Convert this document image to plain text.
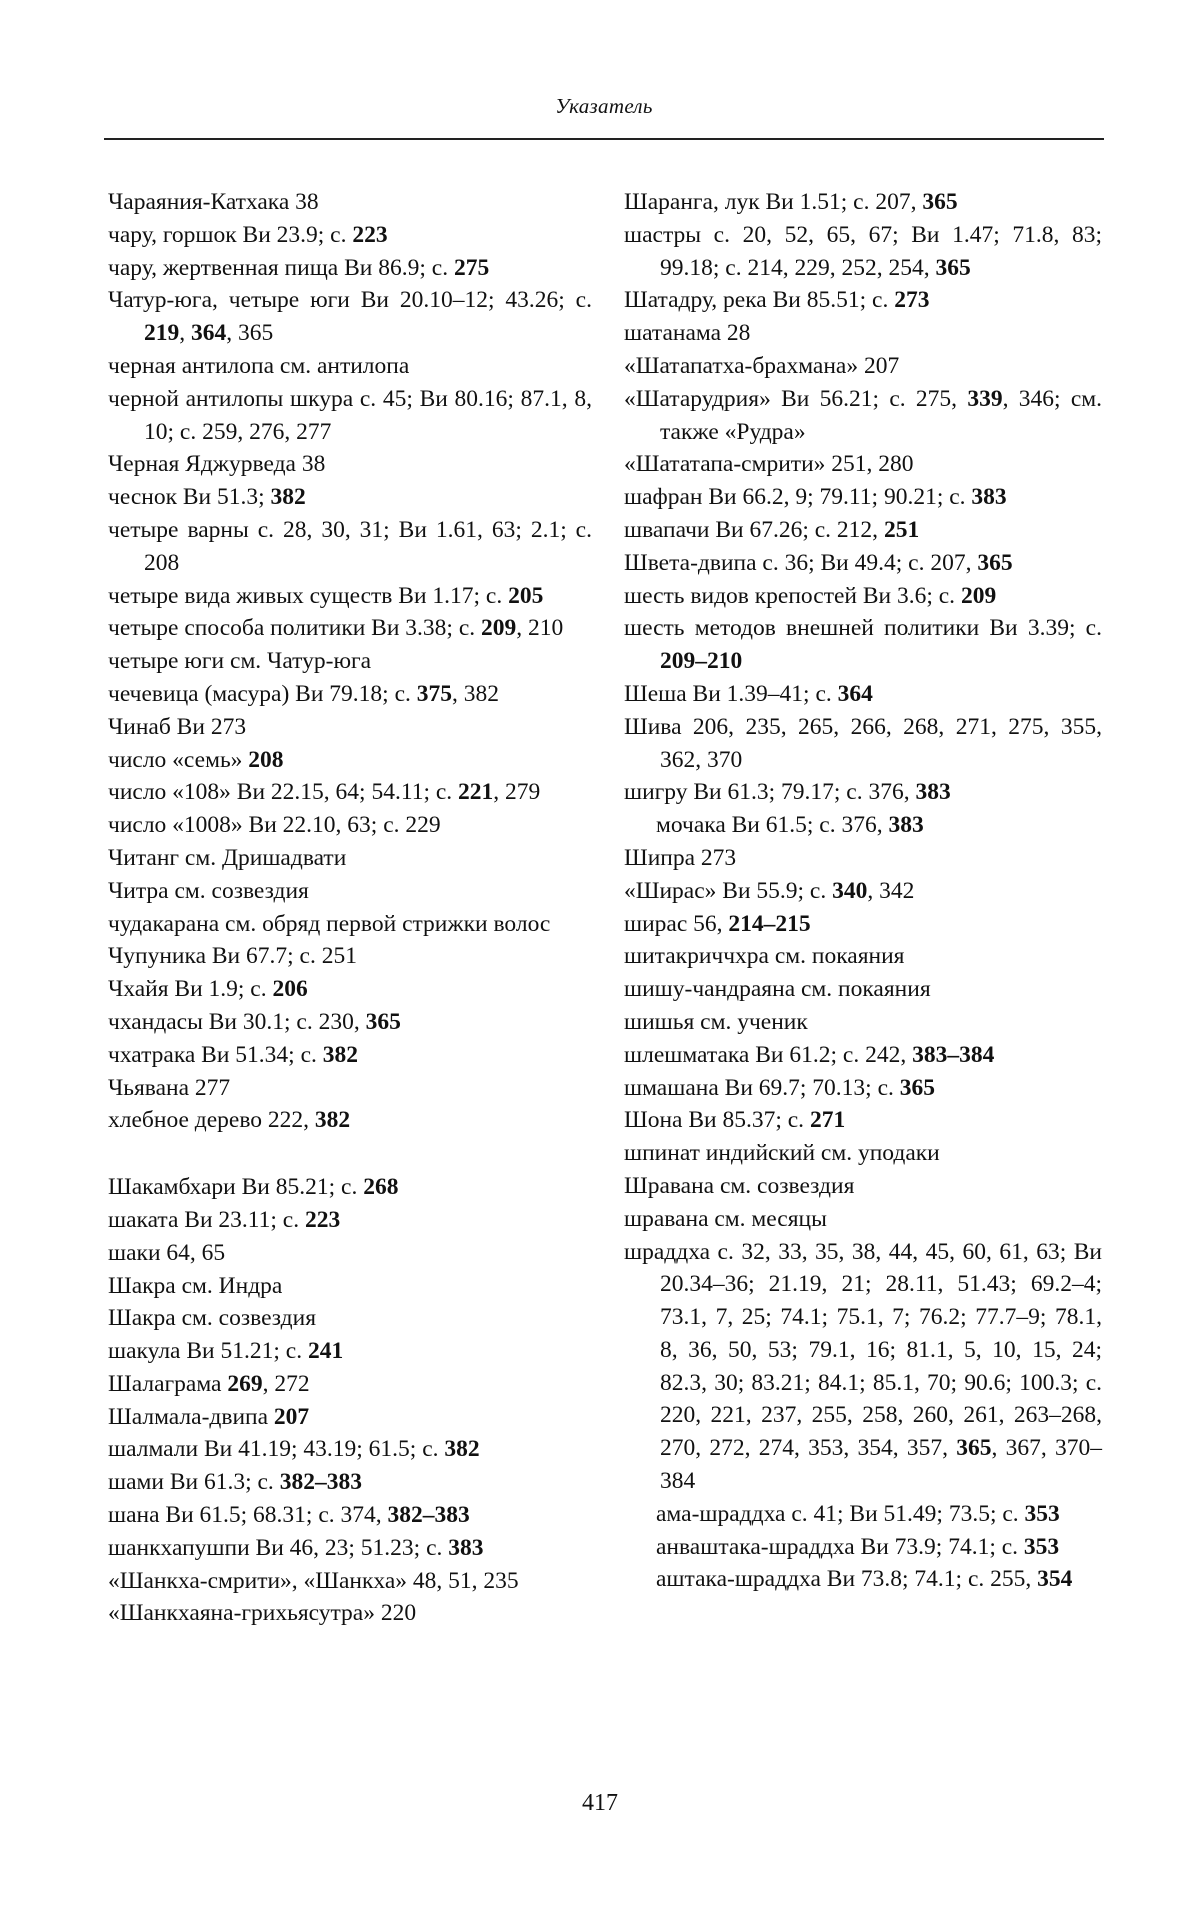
Указатель
Чараяния-Катхака 38
чару, горшок Ви 23.9; с. 223
чару, жертвенная пища Ви 86.9; с. 275
Чатур-юга, четыре юги Ви 20.10–12; 43.26; с. 219, 364, 365
черная антилопа см. антилопа
черной антилопы шкура с. 45; Ви 80.16; 87.1, 8, 10; с. 259, 276, 277
Черная Яджурведа 38
чеснок Ви 51.3; 382
четыре варны с. 28, 30, 31; Ви 1.61, 63; 2.1; с. 208
четыре вида живых существ Ви 1.17; с. 205
четыре способа политики Ви 3.38; с. 209, 210
четыре юги см. Чатур-юга
чечевица (масура) Ви 79.18; с. 375, 382
Чинаб Ви 273
число «семь» 208
число «108» Ви 22.15, 64; 54.11; с. 221, 279
число «1008» Ви 22.10, 63; с. 229
Читанг см. Дришадвати
Читра см. созвездия
чудакарана см. обряд первой стрижки волос
Чупуника Ви 67.7; с. 251
Чхайя Ви 1.9; с. 206
чхандасы Ви 30.1; с. 230, 365
чхатрака Ви 51.34; с. 382
Чьявана 277
хлебное дерево 222, 382
Шакамбхари Ви 85.21; с. 268
шаката Ви 23.11; с. 223
шаки 64, 65
Шакра см. Индра
Шакра см. созвездия
шакула Ви 51.21; с. 241
Шалаграма 269, 272
Шалмала-двипа 207
шалмали Ви 41.19; 43.19; 61.5; с. 382
шами Ви 61.3; с. 382–383
шана Ви 61.5; 68.31; с. 374, 382–383
шанкхапушпи Ви 46, 23; 51.23; с. 383
«Шанкха-смрити», «Шанкха» 48, 51, 235
«Шанкхаяна-грихьясутра» 220
Шаранга, лук Ви 1.51; с. 207, 365
шастры с. 20, 52, 65, 67; Ви 1.47; 71.8, 83; 99.18; с. 214, 229, 252, 254, 365
Шатадру, река Ви 85.51; с. 273
шатанама 28
«Шатапатха-брахмана» 207
«Шатарудрия» Ви 56.21; с. 275, 339, 346; см. также «Рудра»
«Шататапа-смрити» 251, 280
шафран Ви 66.2, 9; 79.11; 90.21; с. 383
швапачи Ви 67.26; с. 212, 251
Швета-двипа с. 36; Ви 49.4; с. 207, 365
шесть видов крепостей Ви 3.6; с. 209
шесть методов внешней политики Ви 3.39; с. 209–210
Шеша Ви 1.39–41; с. 364
Шива 206, 235, 265, 266, 268, 271, 275, 355, 362, 370
шигру Ви 61.3; 79.17; с. 376, 383
мочака Ви 61.5; с. 376, 383
Шипра 273
«Ширас» Ви 55.9; с. 340, 342
ширас 56, 214–215
шитакриччхра см. покаяния
шишу-чандраяна см. покаяния
шишья см. ученик
шлешматака Ви 61.2; с. 242, 383–384
шмашана Ви 69.7; 70.13; с. 365
Шона Ви 85.37; с. 271
шпинат индийский см. уподаки
Шравана см. созвездия
шравана см. месяцы
шраддха с. 32, 33, 35, 38, 44, 45, 60, 61, 63; Ви 20.34–36; 21.19, 21; 28.11, 51.43; 69.2–4; 73.1, 7, 25; 74.1; 75.1, 7; 76.2; 77.7–9; 78.1, 8, 36, 50, 53; 79.1, 16; 81.1, 5, 10, 15, 24; 82.3, 30; 83.21; 84.1; 85.1, 70; 90.6; 100.3; с. 220, 221, 237, 255, 258, 260, 261, 263–268, 270, 272, 274, 353, 354, 357, 365, 367, 370–384
ама-шраддха с. 41; Ви 51.49; 73.5; с. 353
анваштака-шраддха Ви 73.9; 74.1; с. 353
аштака-шраддха Ви 73.8; 74.1; с. 255, 354
417
